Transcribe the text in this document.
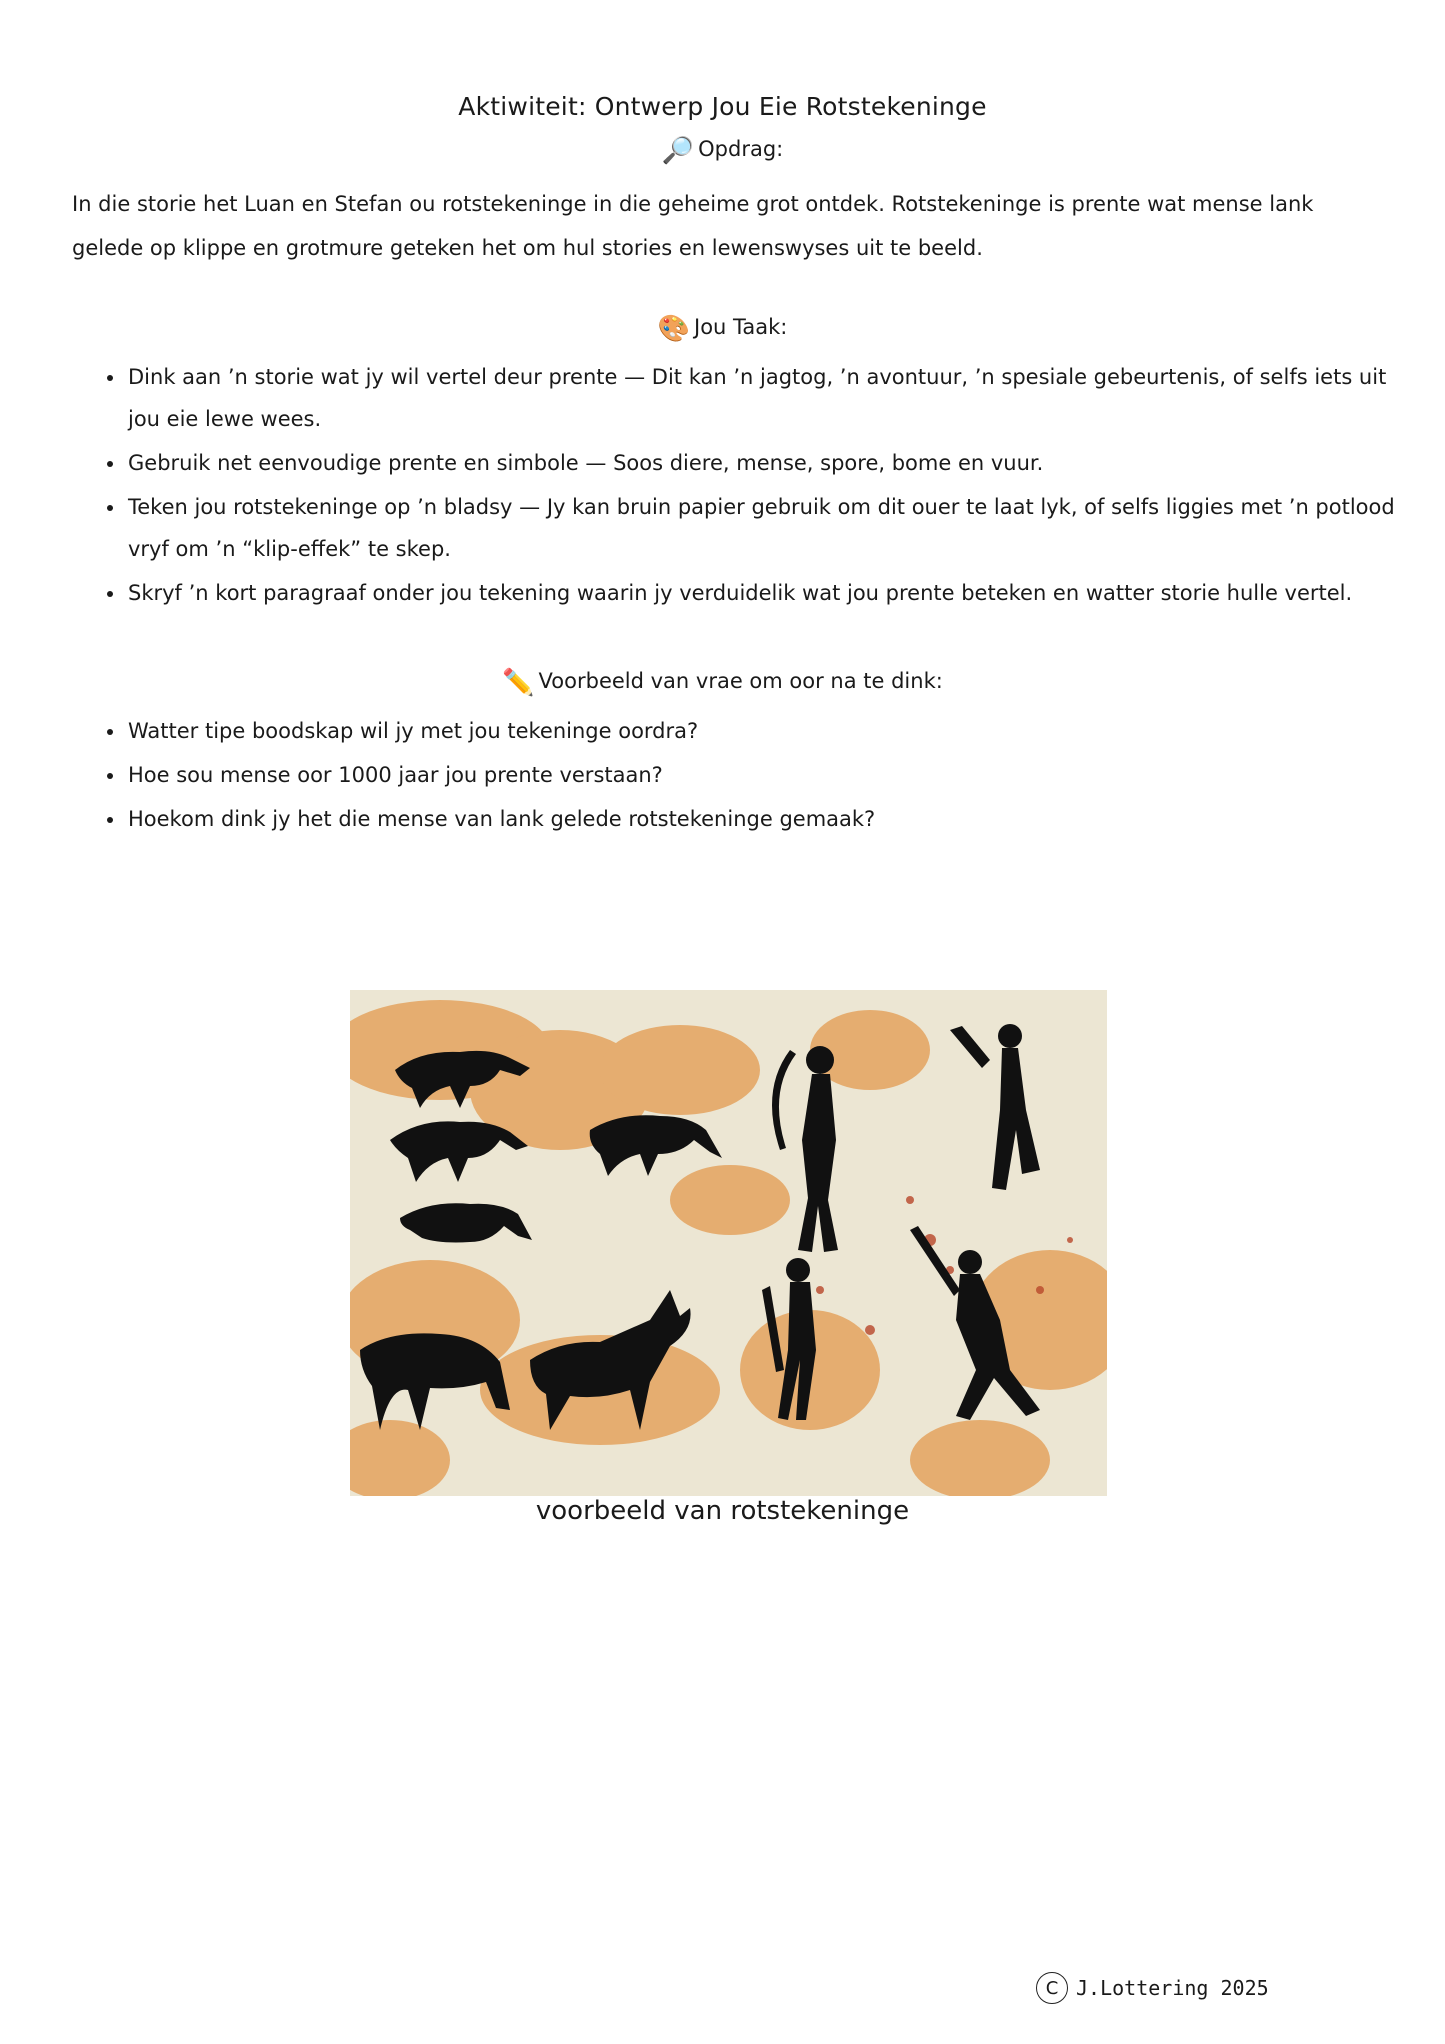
Aktiwiteit: Ontwerp Jou Eie Rotstekeninge
🔎 Opdrag:
In die storie het Luan en Stefan ou rotstekeninge in die geheime grot ontdek. Rotstekeninge is prente wat mense lank gelede op klippe en grotmure geteken het om hul stories en lewenswyses uit te beeld.
🎨 Jou Taak:
• Dink aan ’n storie wat jy wil vertel deur prente — Dit kan ’n jagtog, ’n avontuur, ’n spesiale gebeurtenis, of selfs iets uit jou eie lewe wees.
• Gebruik net eenvoudige prente en simbole — Soos diere, mense, spore, bome en vuur.
• Teken jou rotstekeninge op ’n bladsy — Jy kan bruin papier gebruik om dit ouer te laat lyk, of selfs liggies met ’n potlood vryf om ’n “klip-effek” te skep.
• Skryf ’n kort paragraaf onder jou tekening waarin jy verduidelik wat jou prente beteken en watter storie hulle vertel.
✏️ Voorbeeld van vrae om oor na te dink:
• Watter tipe boodskap wil jy met jou tekeninge oordra?
• Hoe sou mense oor 1000 jaar jou prente verstaan?
• Hoekom dink jy het die mense van lank gelede rotstekeninge gemaak?
voorbeeld van rotstekeninge
C J.Lottering 2025
